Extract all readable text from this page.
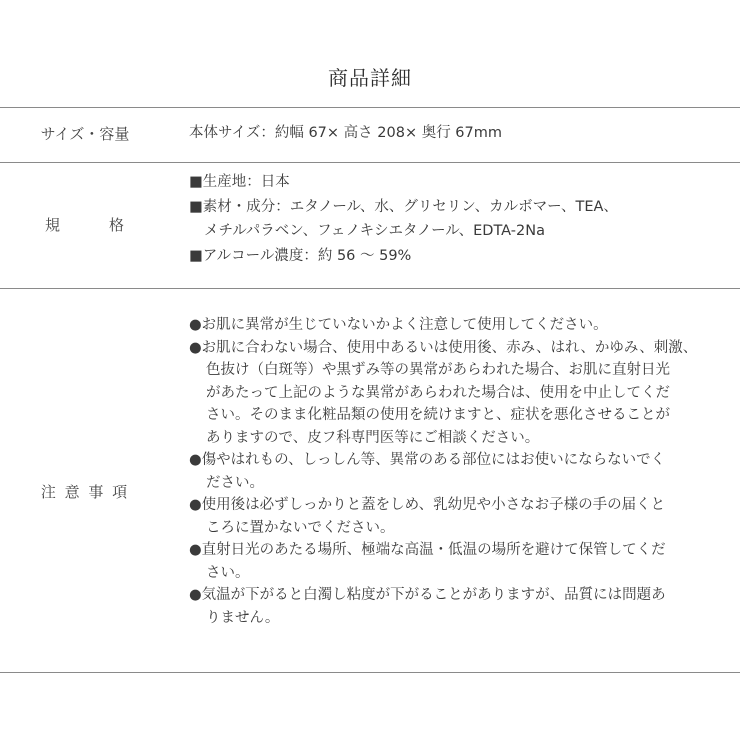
商品詳細
サイズ・容量	本体サイズ：約幅 67× 高さ 208× 奥行 67mm
規　　　格
■生産地：日本
■素材・成分：エタノール、水、グリセリン、カルボマー、TEA、
メチルパラベン、フェノキシエタノール、EDTA-2Na
■アルコール濃度：約 56 ～ 59%
注 意 事 項
●お肌に異常が生じていないかよく注意して使用してください。
●お肌に合わない場合、使用中あるいは使用後、赤み、はれ、かゆみ、刺激、
色抜け（白斑等）や黒ずみ等の異常があらわれた場合、お肌に直射日光
があたって上記のような異常があらわれた場合は、使用を中止してくだ
さい。そのまま化粧品類の使用を続けますと、症状を悪化させることが
ありますので、皮フ科専門医等にご相談ください。
●傷やはれもの、しっしん等、異常のある部位にはお使いにならないでく
ださい。
●使用後は必ずしっかりと蓋をしめ、乳幼児や小さなお子様の手の届くと
ころに置かないでください。
●直射日光のあたる場所、極端な高温・低温の場所を避けて保管してくだ
さい。
●気温が下がると白濁し粘度が下がることがありますが、品質には問題あ
りません。
